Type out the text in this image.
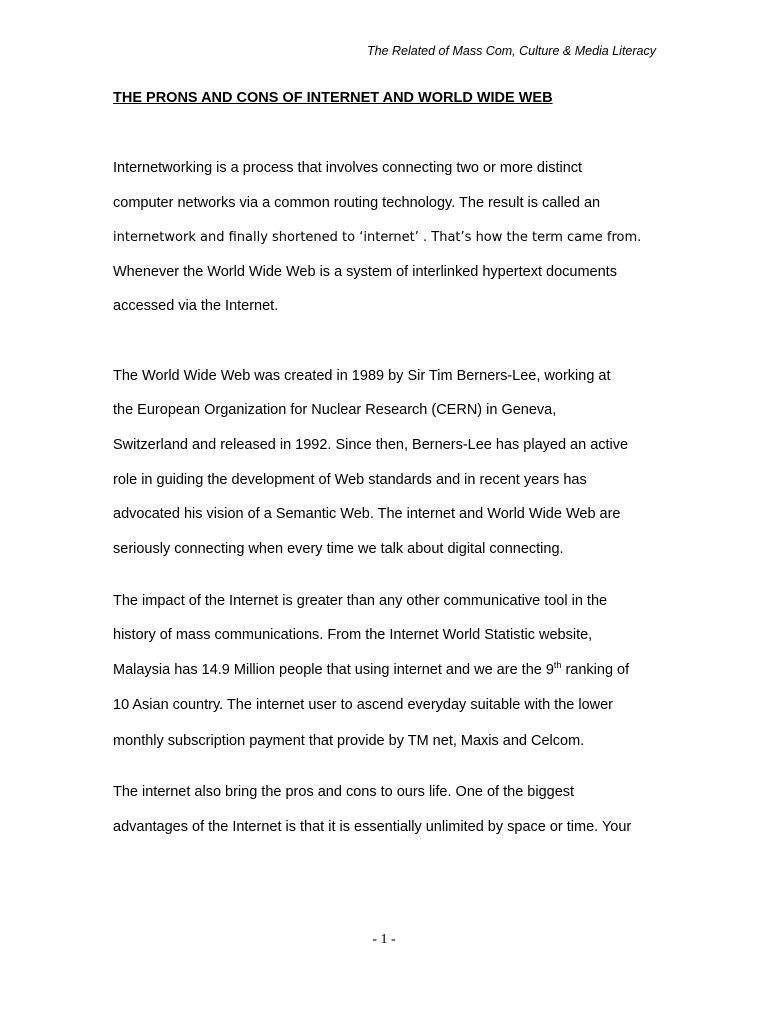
The Related of Mass Com, Culture & Media Literacy
THE PRONS AND CONS OF INTERNET AND WORLD WIDE WEB
Internetworking is a process that involves connecting two or more distinct
computer networks via a common routing technology. The result is called an
internetwork and finally shortened to ‘internet’ . That’s how the term came from.
Whenever the World Wide Web is a system of interlinked hypertext documents
accessed via the Internet.
The World Wide Web was created in 1989 by Sir Tim Berners-Lee, working at
the European Organization for Nuclear Research (CERN) in Geneva,
Switzerland and released in 1992. Since then, Berners-Lee has played an active
role in guiding the development of Web standards and in recent years has
advocated his vision of a Semantic Web. The internet and World Wide Web are
seriously connecting when every time we talk about digital connecting.
The impact of the Internet is greater than any other communicative tool in the
history of mass communications. From the Internet World Statistic website,
Malaysia has 14.9 Million people that using internet and we are the 9th ranking of
10 Asian country. The internet user to ascend everyday suitable with the lower
monthly subscription payment that provide by TM net, Maxis and Celcom.
The internet also bring the pros and cons to ours life. One of the biggest
advantages of the Internet is that it is essentially unlimited by space or time. Your
- 1 -
